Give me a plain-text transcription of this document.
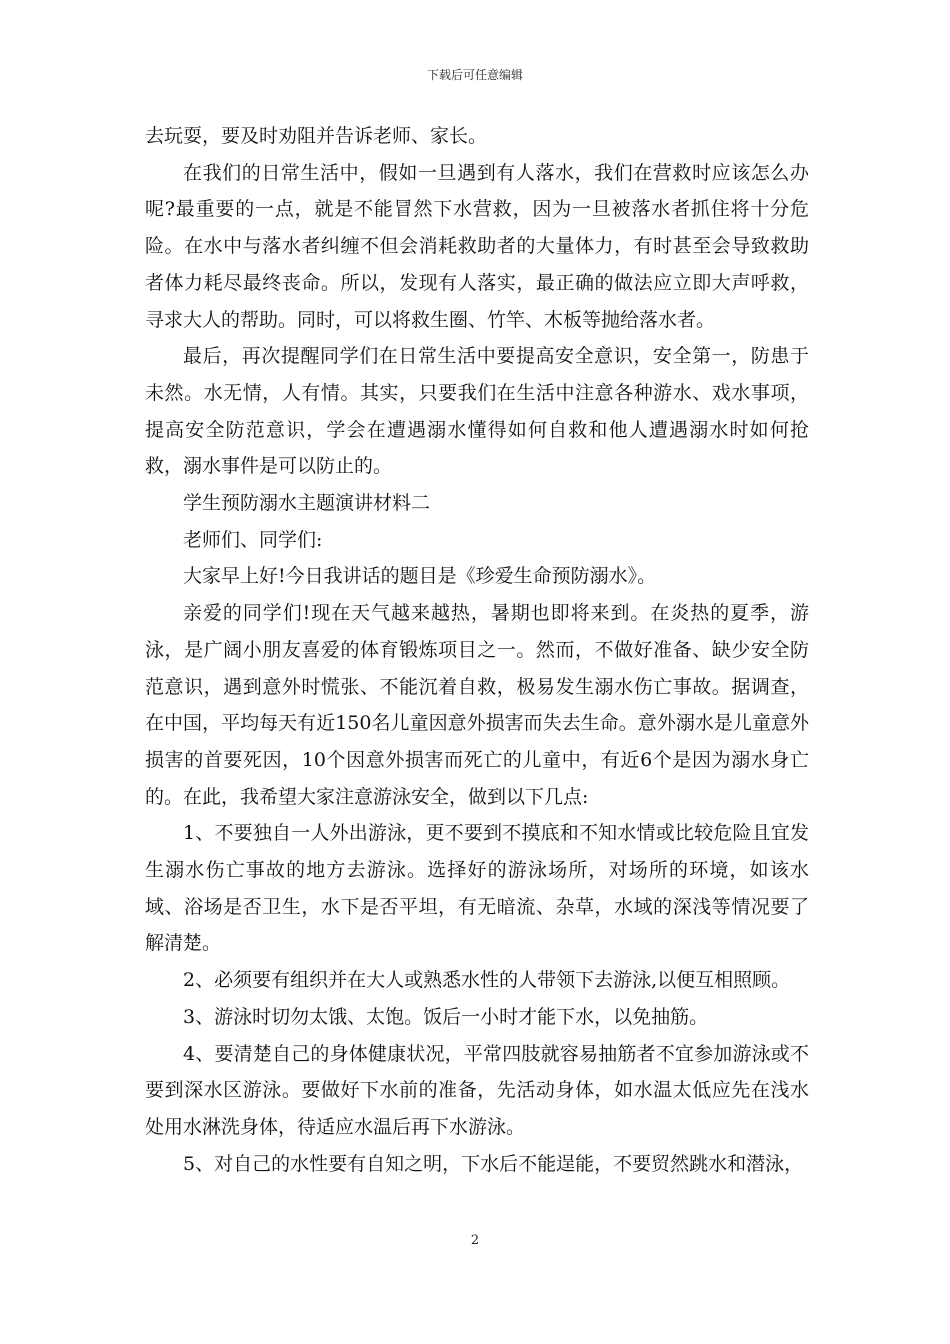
下载后可任意编辑

去玩耍，要及时劝阻并告诉老师、家长。

在我们的日常生活中，假如一旦遇到有人落水，我们在营救时应该怎么办呢?最重要的一点，就是不能冒然下水营救，因为一旦被落水者抓住将十分危险。在水中与落水者纠缠不但会消耗救助者的大量体力，有时甚至会导致救助者体力耗尽最终丧命。所以，发现有人落实，最正确的做法应立即大声呼救，寻求大人的帮助。同时，可以将救生圈、竹竿、木板等抛给落水者。

最后，再次提醒同学们在日常生活中要提高安全意识，安全第一，防患于未然。水无情，人有情。其实，只要我们在生活中注意各种游水、戏水事项，提高安全防范意识，学会在遭遇溺水懂得如何自救和他人遭遇溺水时如何抢救，溺水事件是可以防止的。

学生预防溺水主题演讲材料二

老师们、同学们:

大家早上好!今日我讲话的题目是《珍爱生命预防溺水》。

亲爱的同学们!现在天气越来越热，暑期也即将来到。在炎热的夏季，游泳，是广阔小朋友喜爱的体育锻炼项目之一。然而，不做好准备、缺少安全防范意识，遇到意外时慌张、不能沉着自救，极易发生溺水伤亡事故。据调查，在中国，平均每天有近150名儿童因意外损害而失去生命。意外溺水是儿童意外损害的首要死因，10个因意外损害而死亡的儿童中，有近6个是因为溺水身亡的。在此，我希望大家注意游泳安全，做到以下几点:

1、不要独自一人外出游泳，更不要到不摸底和不知水情或比较危险且宜发生溺水伤亡事故的地方去游泳。选择好的游泳场所，对场所的环境，如该水域、浴场是否卫生，水下是否平坦，有无暗流、杂草，水域的深浅等情况要了解清楚。

2、必须要有组织并在大人或熟悉水性的人带领下去游泳,以便互相照顾。

3、游泳时切勿太饿、太饱。饭后一小时才能下水，以免抽筋。

4、要清楚自己的身体健康状况，平常四肢就容易抽筋者不宜参加游泳或不要到深水区游泳。要做好下水前的准备，先活动身体，如水温太低应先在浅水处用水淋洗身体，待适应水温后再下水游泳。

5、对自己的水性要有自知之明，下水后不能逞能，不要贸然跳水和潜泳，

2
